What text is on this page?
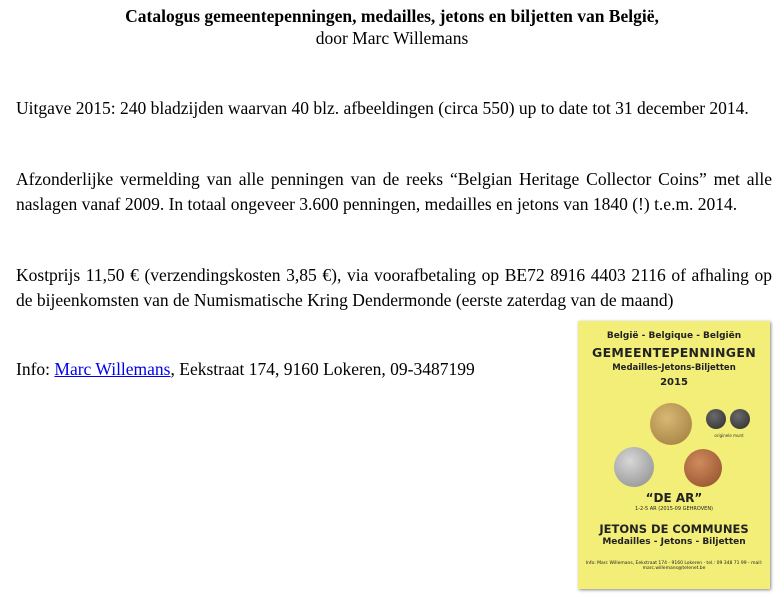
Catalogus gemeentepenningen, medailles, jetons en biljetten van België,
door Marc Willemans
Uitgave 2015: 240 bladzijden waarvan 40 blz. afbeeldingen (circa 550) up to date tot 31 december 2014.
Afzonderlijke vermelding van alle penningen van de reeks “Belgian Heritage Collector Coins” met alle naslagen vanaf 2009. In totaal ongeveer 3.600 penningen, medailles en jetons van 1840 (!) t.e.m. 2014.
Kostprijs 11,50 € (verzendingskosten 3,85 €), via voorafbetaling op BE72 8916 4403 2116 of afhaling op de bijeenkomsten van de Numismatische Kring Dendermonde (eerste zaterdag van de maand)
Info: Marc Willemans, Eekstraat 174, 9160 Lokeren, 09-3487199
België - Belgique - Belgiën
GEMEENTEPENNINGEN
Medailles-Jetons-Biljetten
2015
originele munt
“DE AR”
1-2-5 AR (2015-09 GEHROVEN)
JETONS DE COMMUNES
Medailles - Jetons - Biljetten
Info: Marc Willemans, Eekstraat 174 - 9160 Lokeren · tel.: 09 348 71 99 - mail: marc.willemans@telenet.be
